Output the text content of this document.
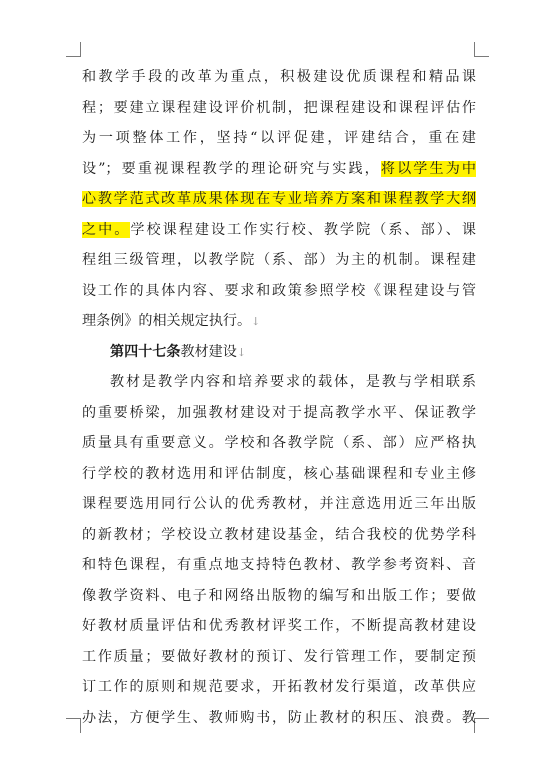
和教学手段的改革为重点，积极建设优质课程和精品课
程；要建立课程建设评价机制，把课程建设和课程评估作
为一项整体工作，坚持“以评促建，评建结合，重在建
设”；要重视课程教学的理论研究与实践，将以学生为中
心教学范式改革成果体现在专业培养方案和课程教学大纲
之中。学校课程建设工作实行校、教学院（系、部）、课
程组三级管理，以教学院（系、部）为主的机制。课程建
设工作的具体内容、要求和政策参照学校《课程建设与管
理条例》的相关规定执行。↓
第四十七条教材建设↓
教材是教学内容和培养要求的载体，是教与学相联系
的重要桥梁，加强教材建设对于提高教学水平、保证教学
质量具有重要意义。学校和各教学院（系、部）应严格执
行学校的教材选用和评估制度，核心基础课程和专业主修
课程要选用同行公认的优秀教材，并注意选用近三年出版
的新教材；学校设立教材建设基金，结合我校的优势学科
和特色课程，有重点地支持特色教材、教学参考资料、音
像教学资料、电子和网络出版物的编写和出版工作；要做
好教材质量评估和优秀教材评奖工作，不断提高教材建设
工作质量；要做好教材的预订、发行管理工作，要制定预
订工作的原则和规范要求，开拓教材发行渠道，改革供应
办法，方便学生、教师购书，防止教材的积压、浪费。教
